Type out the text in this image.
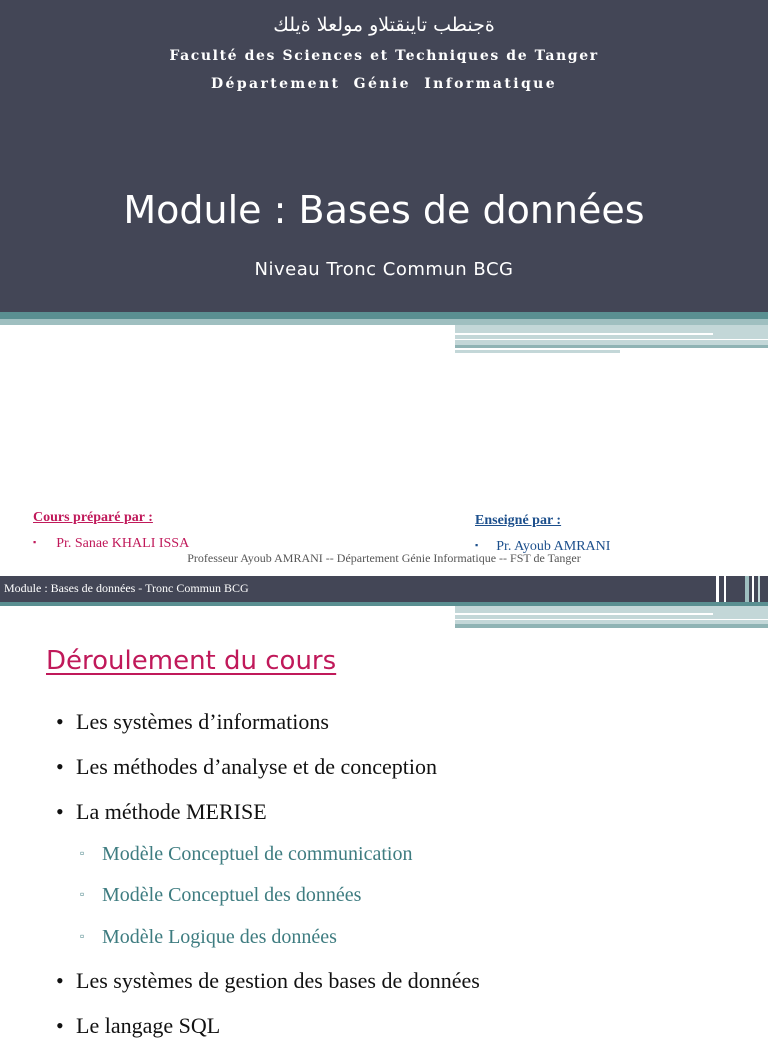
ةجنطب تاينقتلاو مولعلا ةيلك
Faculté des Sciences et Techniques de Tanger
Département Génie Informatique
Module : Bases de données
Niveau Tronc Commun BCG
Cours préparé par :
▪ Pr. Sanae KHALI ISSA
Enseigné par :
▪ Pr. Ayoub AMRANI
Professeur Ayoub AMRANI -- Département Génie Informatique -- FST de Tanger
Module : Bases de données - Tronc Commun BCG
Déroulement du cours
• Les systèmes d’informations
• Les méthodes d’analyse et de conception
• La méthode MERISE
▫ Modèle Conceptuel de communication
▫ Modèle Conceptuel des données
▫ Modèle Logique des données
• Les systèmes de gestion des bases de données
• Le langage SQL
